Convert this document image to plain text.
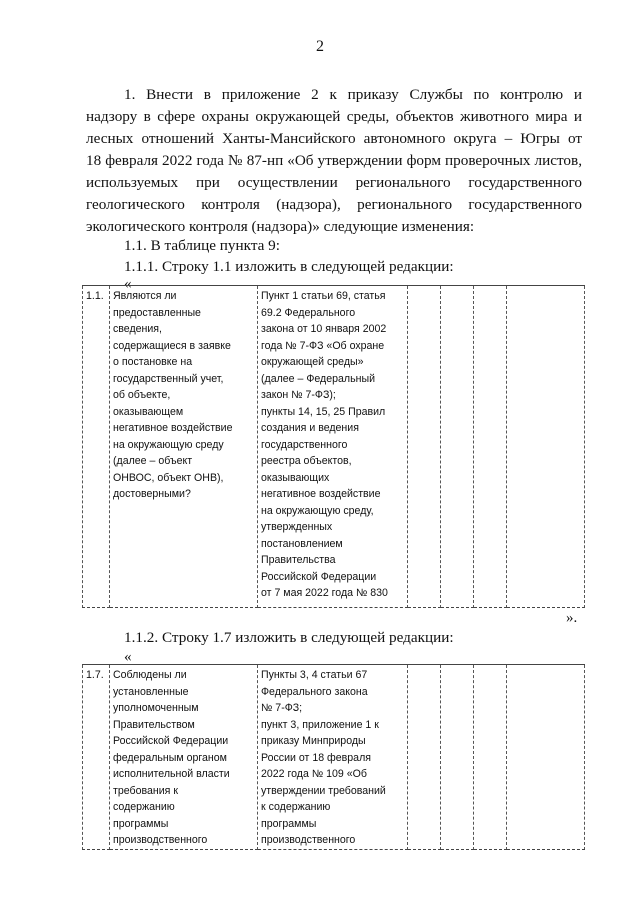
2
1. Внести в приложение 2 к приказу Службы по контролю и
надзору в сфере охраны окружающей среды, объектов животного мира и
лесных отношений Ханты-Мансийского автономного округа – Югры от
18 февраля 2022 года № 87-нп «Об утверждении форм проверочных листов,
используемых при осуществлении регионального государственного
геологического контроля (надзора), регионального государственного
экологического контроля (надзора)» следующие изменения:
1.1. В таблице пункта 9:
1.1.1. Строку 1.1 изложить в следующей редакции:
«
1.1.	Являются ли
предоставленные
сведения,
содержащиеся в заявке
о постановке на
государственный учет,
об объекте,
оказывающем
негативное воздействие
на окружающую среду
(далее – объект
ОНВОС, объект ОНВ),
достоверными?

Пункт 1 статьи 69, статья
69.2 Федерального
закона от 10 января 2002
года № 7-ФЗ «Об охране
окружающей среды»
(далее – Федеральный
закон № 7-ФЗ);
пункты 14, 15, 25 Правил
создания и ведения
государственного
реестра объектов,
оказывающих
негативное воздействие
на окружающую среду,
утвержденных
постановлением
Правительства
Российской Федерации
от 7 мая 2022 года № 830

».
1.1.2. Строку 1.7 изложить в следующей редакции:
«
1.7.	Соблюдены ли
установленные
уполномоченным
Правительством
Российской Федерации
федеральным органом
исполнительной власти
требования к
содержанию
программы
производственного

Пункты 3, 4 статьи 67
Федерального закона
№ 7-ФЗ;
пункт 3, приложение 1 к
приказу Минприроды
России от 18 февраля
2022 года № 109 «Об
утверждении требований
к содержанию
программы
производственного
